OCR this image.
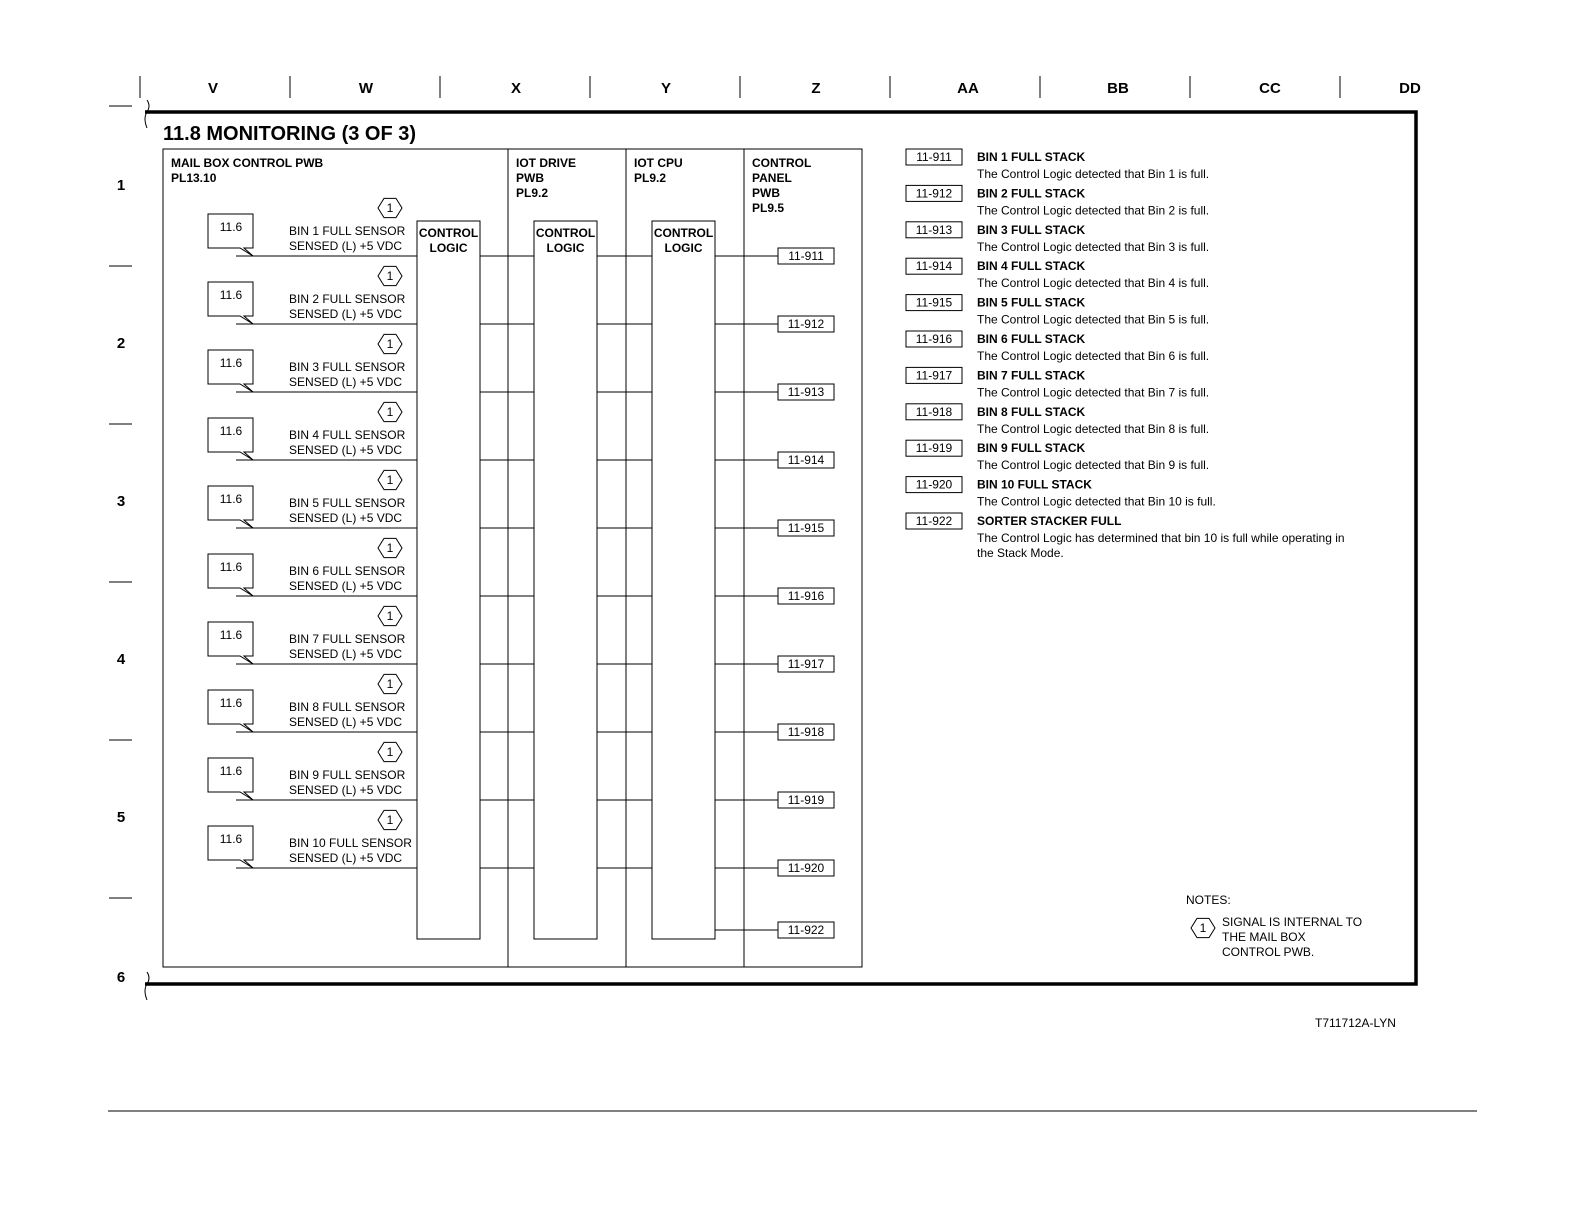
V	W	X	Y	Z	AA	BB	CC	DD
1
2
3
4
5
6
11.8 MONITORING (3 OF 3)
MAIL BOX CONTROL PWB
PL13.10
IOT DRIVE
PWB
PL9.2
IOT CPU
PL9.2
CONTROL
PANEL
PWB
PL9.5
CONTROL
LOGIC
CONTROL
LOGIC
CONTROL
LOGIC
11.6
1
BIN 1 FULL SENSOR
SENSED (L) +5 VDC
11-911
11.6
1
BIN 2 FULL SENSOR
SENSED (L) +5 VDC
11-912
11.6
1
BIN 3 FULL SENSOR
SENSED (L) +5 VDC
11-913
11.6
1
BIN 4 FULL SENSOR
SENSED (L) +5 VDC
11-914
11.6
1
BIN 5 FULL SENSOR
SENSED (L) +5 VDC
11-915
11.6
1
BIN 6 FULL SENSOR
SENSED (L) +5 VDC
11-916
11.6
1
BIN 7 FULL SENSOR
SENSED (L) +5 VDC
11-917
11.6
1
BIN 8 FULL SENSOR
SENSED (L) +5 VDC
11-918
11.6
1
BIN 9 FULL SENSOR
SENSED (L) +5 VDC
11-919
11.6
1
BIN 10 FULL SENSOR
SENSED (L) +5 VDC
11-920
11-922
11-911 BIN 1 FULL STACK
The Control Logic detected that Bin 1 is full.
11-912 BIN 2 FULL STACK
The Control Logic detected that Bin 2 is full.
11-913 BIN 3 FULL STACK
The Control Logic detected that Bin 3 is full.
11-914 BIN 4 FULL STACK
The Control Logic detected that Bin 4 is full.
11-915 BIN 5 FULL STACK
The Control Logic detected that Bin 5 is full.
11-916 BIN 6 FULL STACK
The Control Logic detected that Bin 6 is full.
11-917 BIN 7 FULL STACK
The Control Logic detected that Bin 7 is full.
11-918 BIN 8 FULL STACK
The Control Logic detected that Bin 8 is full.
11-919 BIN 9 FULL STACK
The Control Logic detected that Bin 9 is full.
11-920 BIN 10 FULL STACK
The Control Logic detected that Bin 10 is full.
11-922 SORTER STACKER FULL
The Control Logic has determined that bin 10 is full while operating in
the Stack Mode.
NOTES:
1 SIGNAL IS INTERNAL TO
THE MAIL BOX
CONTROL PWB.
T711712A-LYN
